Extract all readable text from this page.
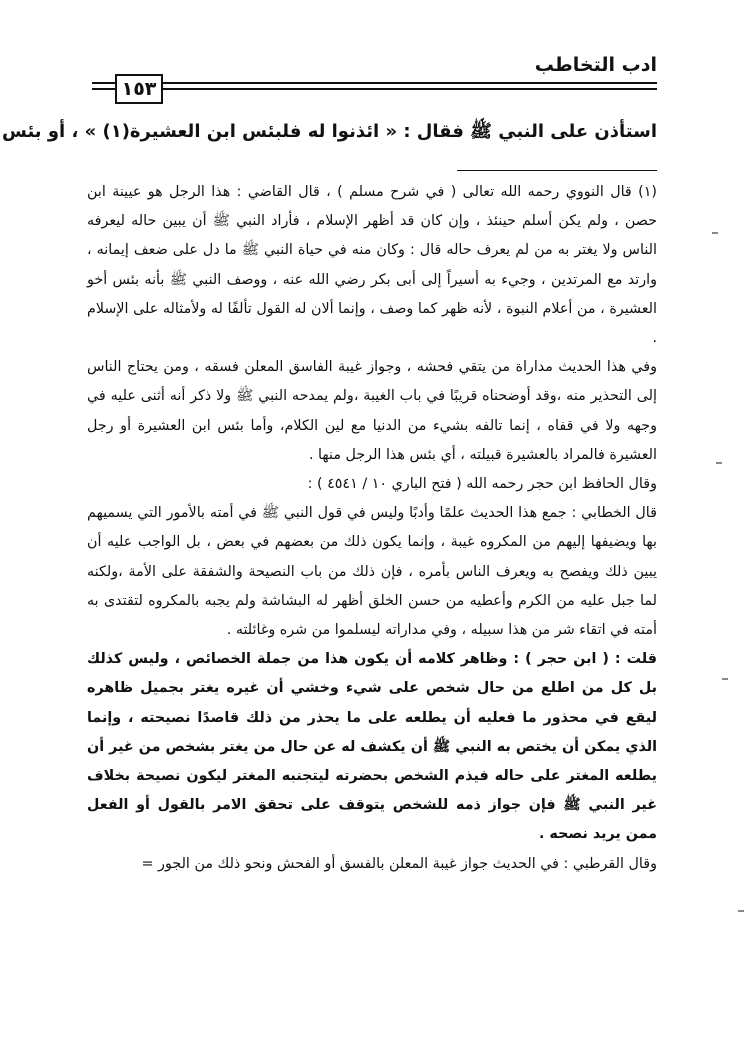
ادب التخاطب
١٥٣
استأذن على النبي ﷺ فقال : « ائذنوا له فلبئس ابن العشيرة(١) » ، أو بئس

(١) قال النووي رحمه الله تعالى ( في شرح مسلم ) ، قال القاضي : هذا الرجل هو عيينة ابن حصن ، ولم يكن أسلم حينئذ ، وإن كان قد أظهر الإسلام ، فأراد النبي ﷺ أن يبين حاله ليعرفه الناس ولا يغتر به من لم يعرف حاله قال : وكان منه في حياة النبي ﷺ ما دل على ضعف إيمانه ، وارتد مع المرتدين ، وجيء به أسيراً إلى أبى بكر رضي الله عنه ، ووصف النبي ﷺ بأنه بئس أخو العشيرة ، من أعلام النبوة ، لأنه ظهر كما وصف ، وإنما ألان له القول تألفًا له ولأمثاله على الإسلام .

وفي هذا الحديث مداراة من يتقي فحشه ، وجواز غيبة الفاسق المعلن فسقه ، ومن يحتاج الناس إلى التحذير منه ،وقد أوضحناه قريبًا في باب الغيبة ،ولم يمدحه النبي ﷺ ولا ذكر أنه أثنى عليه في وجهه ولا في قفاه ، إنما تالفه بشيء من الدنيا مع لين الكلام، وأما بئس ابن العشيرة أو رجل العشيرة فالمراد بالعشيرة قبيلته ، أي بئس هذا الرجل منها .

وقال الحافظ ابن حجر رحمه الله ( فتح الباري ١٠ / ٤٥٤١ ) :

قال الخطابي : جمع هذا الحديث علمًا وأدبًا وليس في قول النبي ﷺ في أمته بالأمور التي يسميهم بها ويضيفها إليهم من المكروه غيبة ، وإنما يكون ذلك من بعضهم في بعض ، بل الواجب عليه أن يبين ذلك ويفصح به ويعرف الناس بأمره ، فإن ذلك من باب النصيحة والشفقة على الأمة ،ولكنه لما جبل عليه من الكرم وأعطيه من حسن الخلق أظهر له البشاشة ولم يجبه بالمكروه لتقتدى به أمته في اتقاء شر من هذا سبيله ، وفي مداراته ليسلموا من شره وغائلته .

قلت : ( ابن حجر ) : وظاهر كلامه أن يكون هذا من جملة الخصائص ، وليس كذلك بل كل من اطلع من حال شخص على شيء وخشي أن غيره يغتر بجميل ظاهره ليقع في محذور ما فعليه أن يطلعه على ما يحذر من ذلك قاصدًا نصيحته ، وإنما الذي يمكن أن يختص به النبي ﷺ أن يكشف له عن حال من يغتر بشخص من غير أن يطلعه المغتر على حاله فيذم الشخص بحضرته ليتجنبه المغتر ليكون نصيحة بخلاف غير النبي ﷺ فإن جواز ذمه للشخص يتوقف على تحقق الامر بالقول أو الفعل ممن يريد نصحه .

وقال القرطبي : في الحديث جواز غيبة المعلن بالفسق أو الفحش ونحو ذلك من الجور =
